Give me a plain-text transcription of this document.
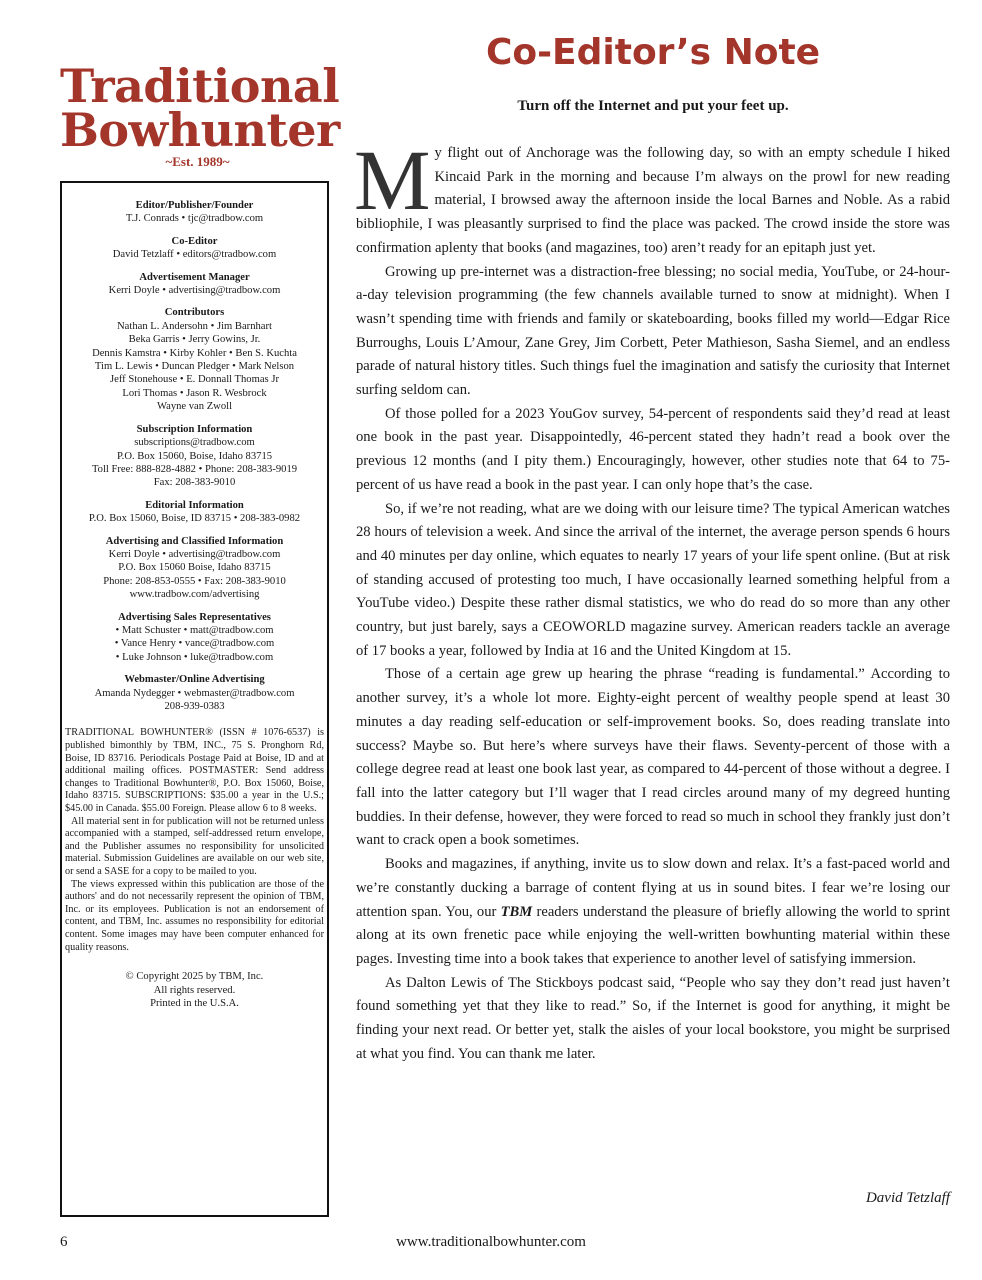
Traditional
Bowhunter
~Est. 1989~
Editor/Publisher/Founder
T.J. Conrads • tjc@tradbow.com
Co-Editor
David Tetzlaff • editors@tradbow.com
Advertisement Manager
Kerri Doyle • advertising@tradbow.com
Contributors
Nathan L. Andersohn • Jim Barnhart
Beka Garris • Jerry Gowins, Jr.
Dennis Kamstra • Kirby Kohler • Ben S. Kuchta
Tim L. Lewis • Duncan Pledger • Mark Nelson
Jeff Stonehouse • E. Donnall Thomas Jr
Lori Thomas • Jason R. Wesbrock
Wayne van Zwoll
Subscription Information
subscriptions@tradbow.com
P.O. Box 15060, Boise, Idaho 83715
Toll Free: 888-828-4882 • Phone: 208-383-9019
Fax: 208-383-9010
Editorial Information
P.O. Box 15060, Boise, ID 83715 • 208-383-0982
Advertising and Classified Information
Kerri Doyle • advertising@tradbow.com
P.O. Box 15060 Boise, Idaho 83715
Phone: 208-853-0555 • Fax: 208-383-9010
www.tradbow.com/advertising
Advertising Sales Representatives
• Matt Schuster • matt@tradbow.com
• Vance Henry • vance@tradbow.com
• Luke Johnson • luke@tradbow.com
Webmaster/Online Advertising
Amanda Nydegger • webmaster@tradbow.com
208-939-0383

TRADITIONAL BOWHUNTER® (ISSN # 1076-6537) is published bimonthly by TBM, INC., 75 S. Pronghorn Rd, Boise, ID 83716. Periodicals Postage Paid at Boise, ID and at additional mailing offices. POSTMASTER: Send address changes to Traditional Bowhunter®, P.O. Box 15060, Boise, Idaho 83715. SUBSCRIPTIONS: $35.00 a year in the U.S.; $45.00 in Canada. $55.00 Foreign. Please allow 6 to 8 weeks.

All material sent in for publication will not be returned unless accompanied with a stamped, self-addressed return envelope, and the Publisher assumes no responsibility for unsolicited material. Submission Guidelines are available on our web site, or send a SASE for a copy to be mailed to you.

The views expressed within this publication are those of the authors' and do not necessarily represent the opinion of TBM, Inc. or its employees. Publication is not an endorsement of content, and TBM, Inc. assumes no responsibility for editorial content. Some images may have been computer enhanced for quality reasons.

© Copyright 2025 by TBM, Inc.
All rights reserved.
Printed in the U.S.A.
Co-Editor’s Note
Turn off the Internet and put your feet up.

My flight out of Anchorage was the following day, so with an empty schedule I hiked Kincaid Park in the morning and because I’m always on the prowl for new reading material, I browsed away the afternoon inside the local Barnes and Noble. As a rabid bibliophile, I was pleasantly surprised to find the place was packed. The crowd inside the store was confirmation aplenty that books (and magazines, too) aren’t ready for an epitaph just yet.

Growing up pre-internet was a distraction-free blessing; no social media, YouTube, or 24-hour-a-day television programming (the few channels available turned to snow at midnight). When I wasn’t spending time with friends and family or skateboarding, books filled my world—Edgar Rice Burroughs, Louis L’Amour, Zane Grey, Jim Corbett, Peter Mathieson, Sasha Siemel, and an endless parade of natural history titles. Such things fuel the imagination and satisfy the curiosity that Internet surfing seldom can.

Of those polled for a 2023 YouGov survey, 54-percent of respondents said they’d read at least one book in the past year. Disappointedly, 46-percent stated they hadn’t read a book over the previous 12 months (and I pity them.) Encouragingly, however, other studies note that 64 to 75-percent of us have read a book in the past year. I can only hope that’s the case.

So, if we’re not reading, what are we doing with our leisure time? The typical American watches 28 hours of television a week. And since the arrival of the internet, the average person spends 6 hours and 40 minutes per day online, which equates to nearly 17 years of your life spent online. (But at risk of standing accused of protesting too much, I have occasionally learned something helpful from a YouTube video.) Despite these rather dismal statistics, we who do read do so more than any other country, but just barely, says a CEOWORLD magazine survey. American readers tackle an average of 17 books a year, followed by India at 16 and the United Kingdom at 15.

Those of a certain age grew up hearing the phrase “reading is fundamental.” According to another survey, it’s a whole lot more. Eighty-eight percent of wealthy people spend at least 30 minutes a day reading self-education or self-improvement books. So, does reading translate into success? Maybe so. But here’s where surveys have their flaws. Seventy-percent of those with a college degree read at least one book last year, as compared to 44-percent of those without a degree. I fall into the latter category but I’ll wager that I read circles around many of my degreed hunting buddies. In their defense, however, they were forced to read so much in school they frankly just don’t want to crack open a book sometimes.

Books and magazines, if anything, invite us to slow down and relax. It’s a fast-paced world and we’re constantly ducking a barrage of content flying at us in sound bites. I fear we’re losing our attention span. You, our TBM readers understand the pleasure of briefly allowing the world to sprint along at its own frenetic pace while enjoying the well-written bowhunting material within these pages. Investing time into a book takes that experience to another level of satisfying immersion.

As Dalton Lewis of The Stickboys podcast said, “People who say they don’t read just haven’t found something yet that they like to read.” So, if the Internet is good for anything, it might be finding your next read. Or better yet, stalk the aisles of your local bookstore, you might be surprised at what you find. You can thank me later.

David Tetzlaff
6	www.traditionalbowhunter.com
